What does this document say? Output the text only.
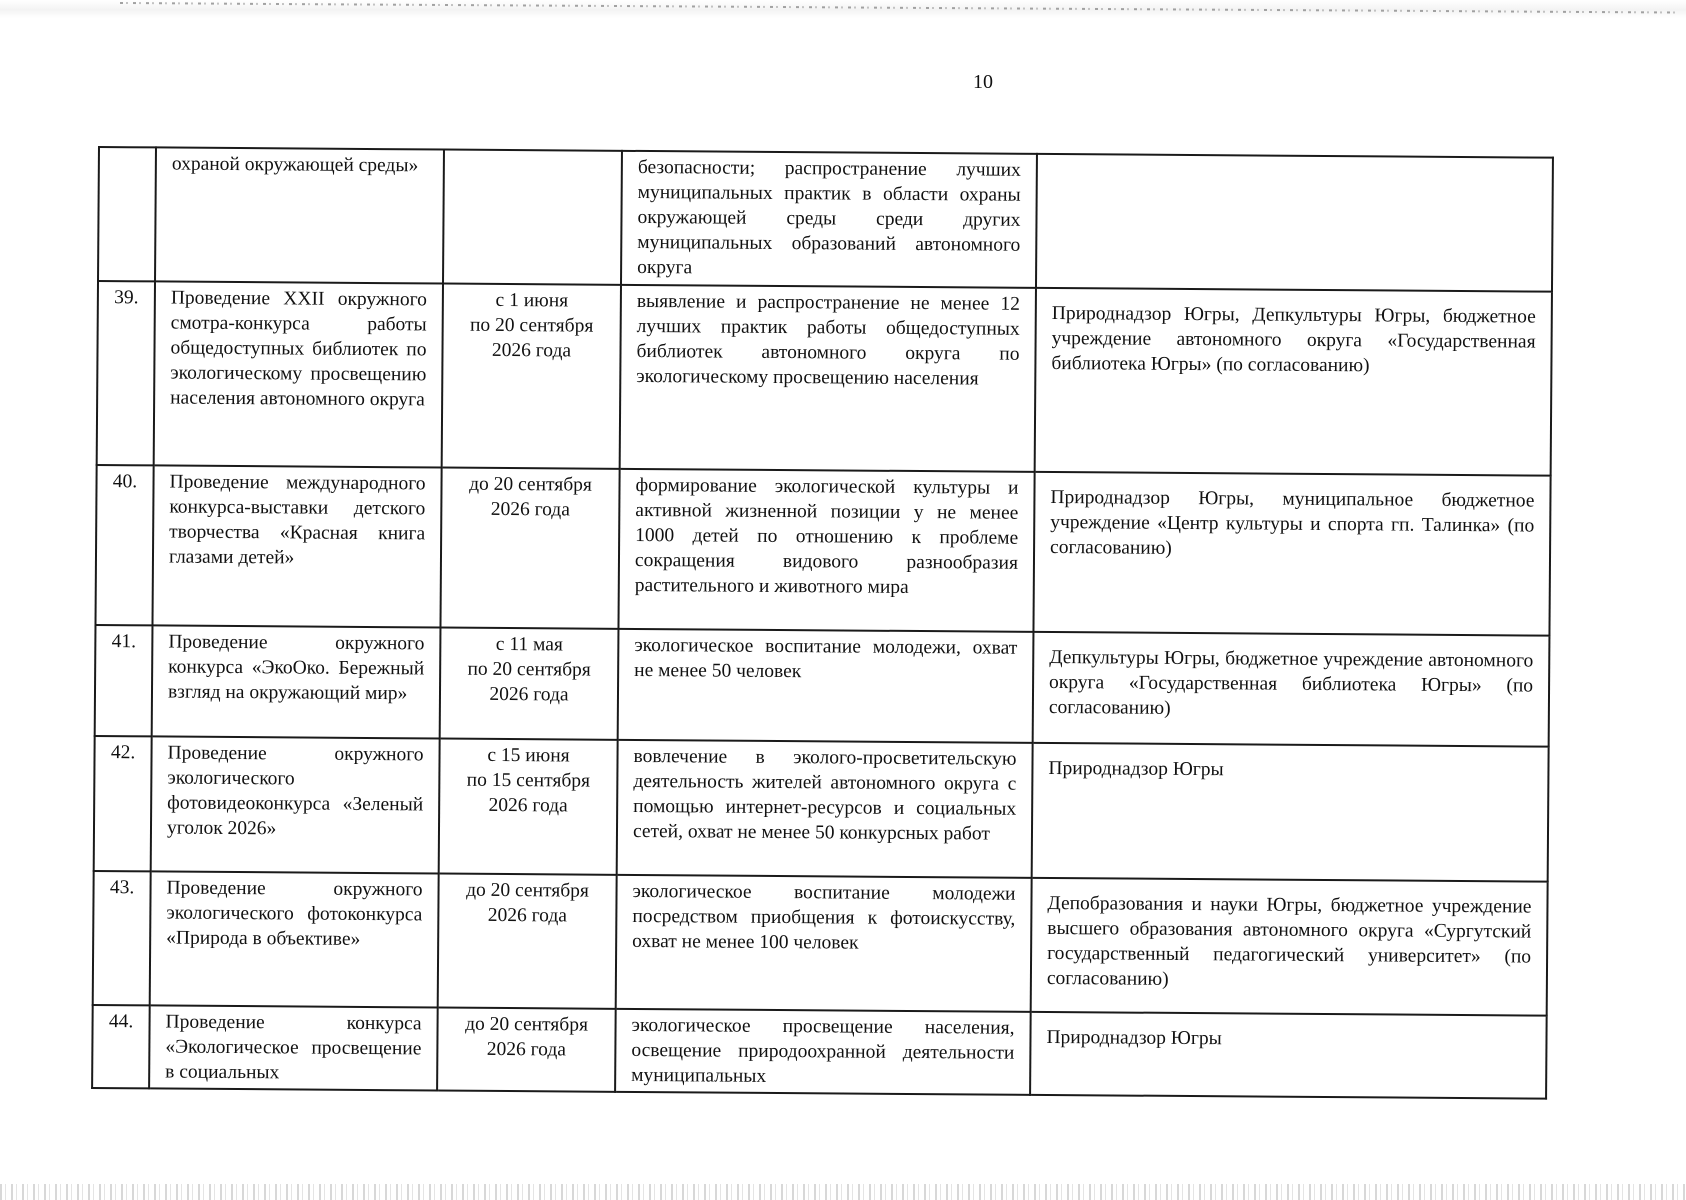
10
	охраной окружающей среды»		безопасности; распространение лучших муниципальных практик в области охраны окружающей среды среди других муниципальных образований автономного округа	
39.	Проведение XXII окружного смотра-конкурса работы общедоступных библиотек по экологическому просвещению населения автономного округа	с 1 июня
по 20 сентября
2026 года	выявление и распространение не менее 12 лучших практик работы общедоступных библиотек автономного округа по экологическому просвещению населения	Природнадзор Югры, Депкультуры Югры, бюджетное учреждение автономного округа «Государственная библиотека Югры» (по согласованию)
40.	Проведение международного конкурса-выставки детского творчества «Красная книга глазами детей»	до 20 сентября
2026 года	формирование экологической культуры и активной жизненной позиции у не менее 1000 детей по отношению к проблеме сокращения видового разнообразия растительного и животного мира	Природнадзор Югры, муниципальное бюджетное учреждение «Центр культуры и спорта гп. Талинка» (по согласованию)
41.	Проведение окружного конкурса «ЭкоОко. Бережный взгляд на окружающий мир»	с 11 мая
по 20 сентября
2026 года	экологическое воспитание молодежи, охват не менее 50 человек	Депкультуры Югры, бюджетное учреждение автономного округа «Государственная библиотека Югры» (по согласованию)
42.	Проведение окружного экологического фотовидеоконкурса «Зеленый уголок 2026»	с 15 июня
по 15 сентября
2026 года	вовлечение в эколого-просветительскую деятельность жителей автономного округа с помощью интернет-ресурсов и социальных сетей, охват не менее 50 конкурсных работ	Природнадзор Югры
43.	Проведение окружного экологического фотоконкурса «Природа в объективе»	до 20 сентября
2026 года	экологическое воспитание молодежи посредством приобщения к фотоискусству, охват не менее 100 человек	Депобразования и науки Югры, бюджетное учреждение высшего образования автономного округа «Сургутский государственный педагогический университет» (по согласованию)
44.	Проведение конкурса «Экологическое просвещение в социальных	до 20 сентября
2026 года	экологическое просвещение населения, освещение природоохранной деятельности муниципальных	Природнадзор Югры
